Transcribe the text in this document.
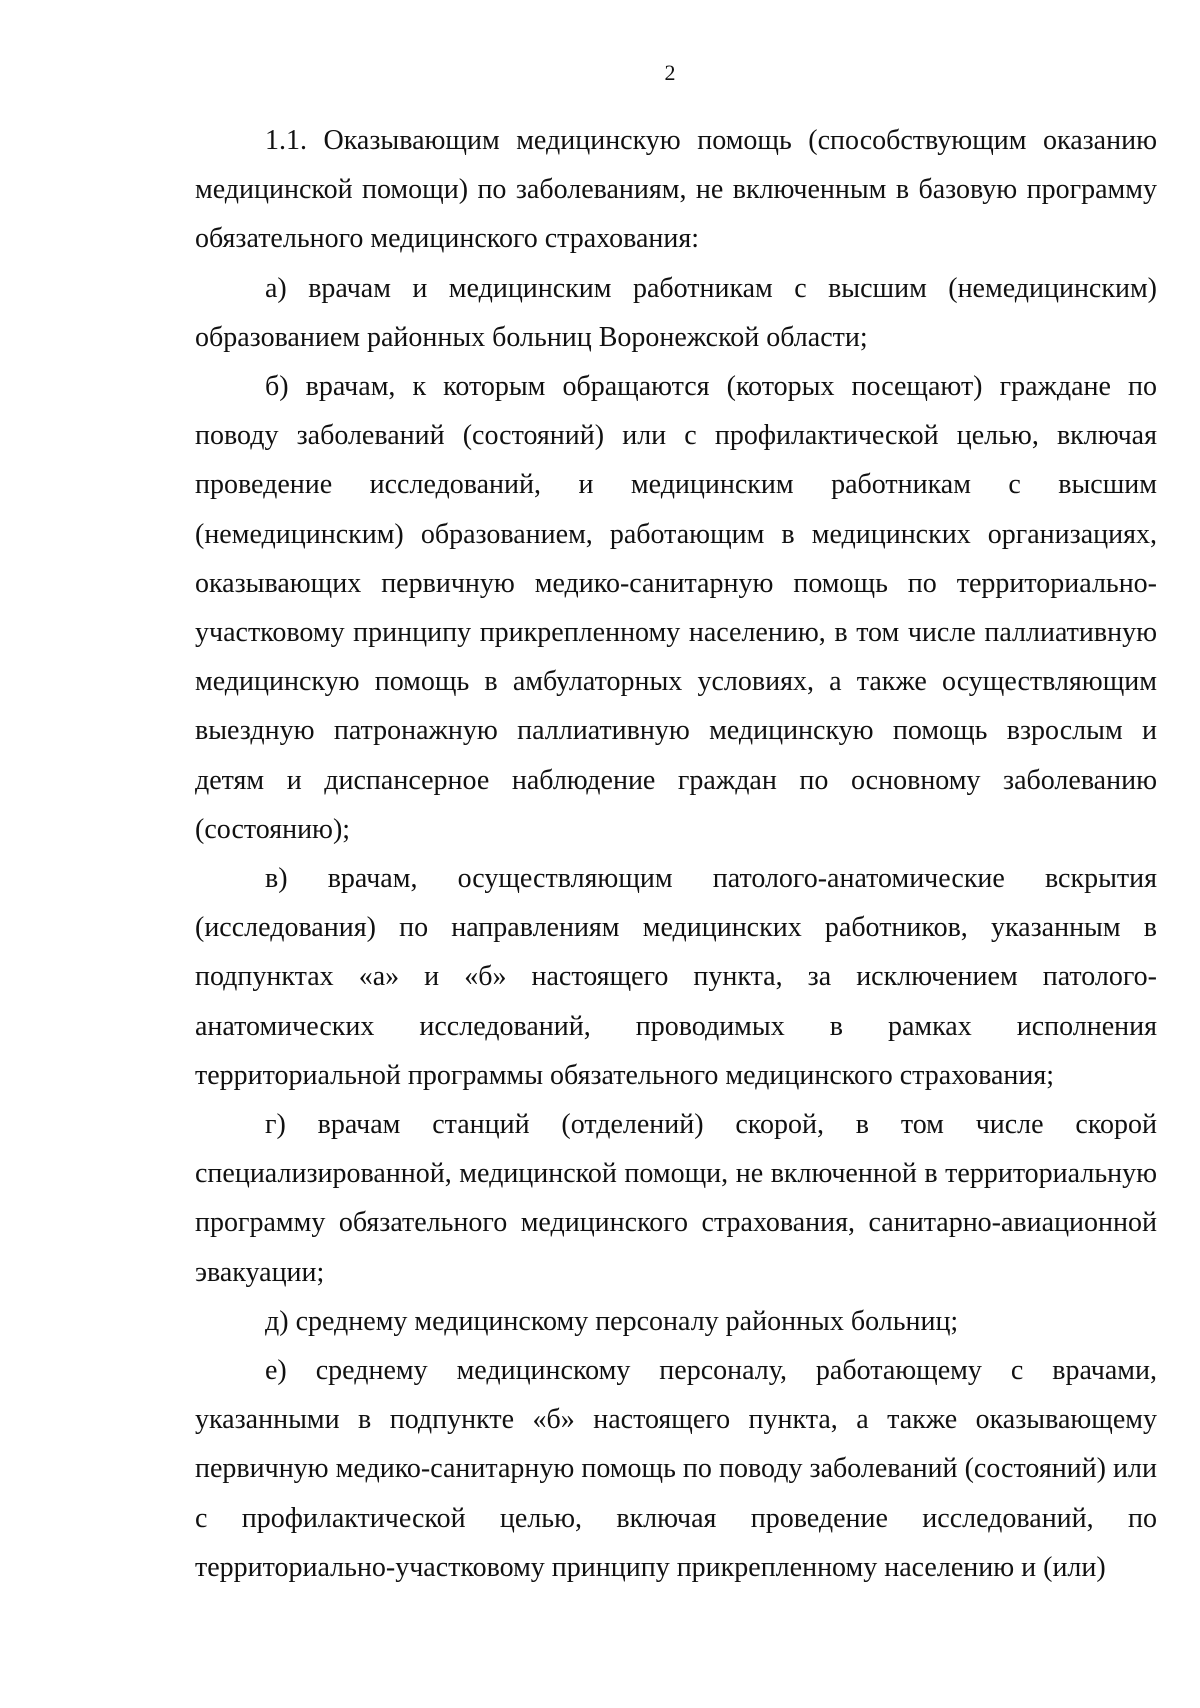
2

1.1. Оказывающим медицинскую помощь (способствующим оказанию медицинской помощи) по заболеваниям, не включенным в базовую программу обязательного медицинского страхования:

а) врачам и медицинским работникам с высшим (немедицинским) образованием районных больниц Воронежской области;

б) врачам, к которым обращаются (которых посещают) граждане по поводу заболеваний (состояний) или с профилактической целью, включая проведение исследований, и медицинским работникам с высшим (немедицинским) образованием, работающим в медицинских организациях, оказывающих первичную медико-санитарную помощь по территориально-участковому принципу прикрепленному населению, в том числе паллиативную медицинскую помощь в амбулаторных условиях, а также осуществляющим выездную патронажную паллиативную медицинскую помощь взрослым и детям и диспансерное наблюдение граждан по основному заболеванию (состоянию);

в) врачам, осуществляющим патолого-анатомические вскрытия (исследования) по направлениям медицинских работников, указанным в подпунктах «а» и «б» настоящего пункта, за исключением патолого-анатомических исследований, проводимых в рамках исполнения территориальной программы обязательного медицинского страхования;

г) врачам станций (отделений) скорой, в том числе скорой специализированной, медицинской помощи, не включенной в территориальную программу обязательного медицинского страхования, санитарно-авиационной эвакуации;

д) среднему медицинскому персоналу районных больниц;

е) среднему медицинскому персоналу, работающему с врачами, указанными в подпункте «б» настоящего пункта, а также оказывающему первичную медико-санитарную помощь по поводу заболеваний (состояний) или с профилактической целью, включая проведение исследований, по территориально-участковому принципу прикрепленному населению и (или)
